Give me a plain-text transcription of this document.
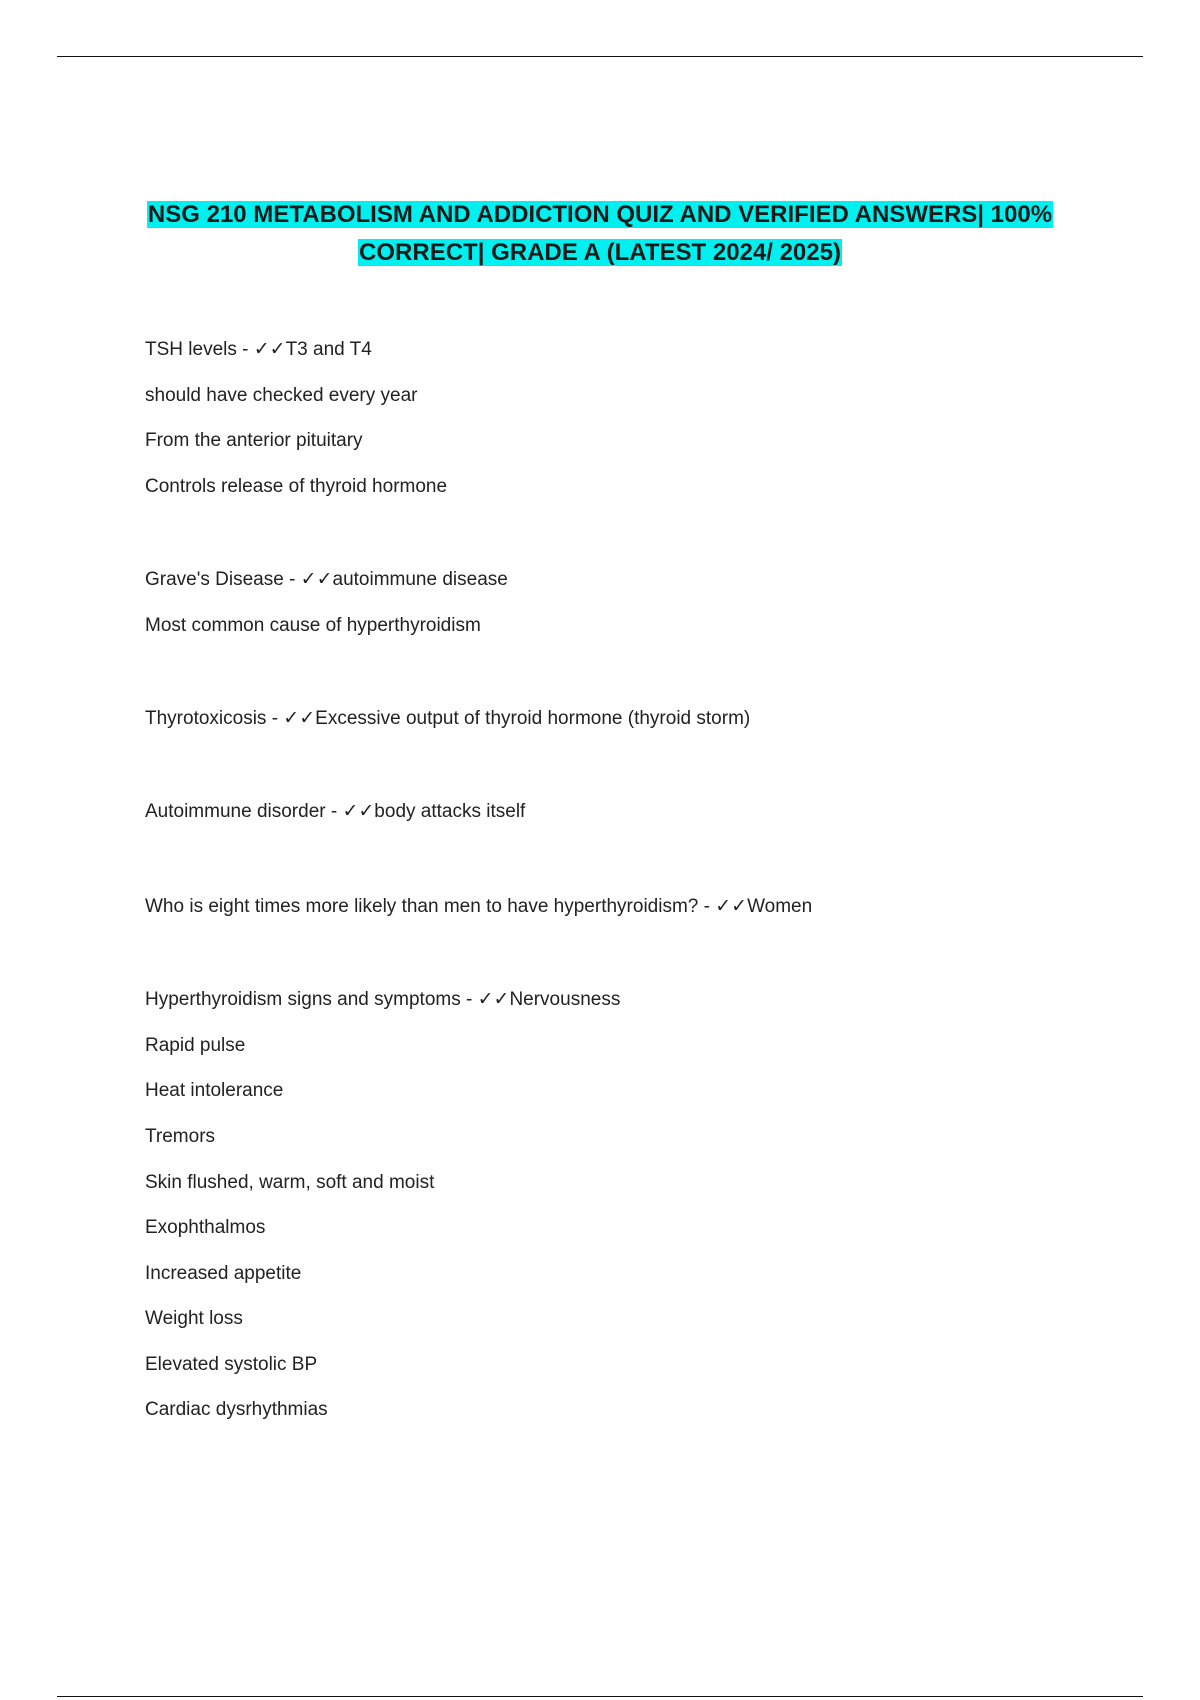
NSG 210 METABOLISM AND ADDICTION QUIZ AND VERIFIED ANSWERS| 100%
CORRECT| GRADE A (LATEST 2024/ 2025)
TSH levels - ✓✓T3 and T4
should have checked every year
From the anterior pituitary
Controls release of thyroid hormone
Grave's Disease - ✓✓autoimmune disease
Most common cause of hyperthyroidism
Thyrotoxicosis - ✓✓Excessive output of thyroid hormone (thyroid storm)
Autoimmune disorder - ✓✓body attacks itself
Who is eight times more likely than men to have hyperthyroidism? - ✓✓Women
Hyperthyroidism signs and symptoms - ✓✓Nervousness
Rapid pulse
Heat intolerance
Tremors
Skin flushed, warm, soft and moist
Exophthalmos
Increased appetite
Weight loss
Elevated systolic BP
Cardiac dysrhythmias
